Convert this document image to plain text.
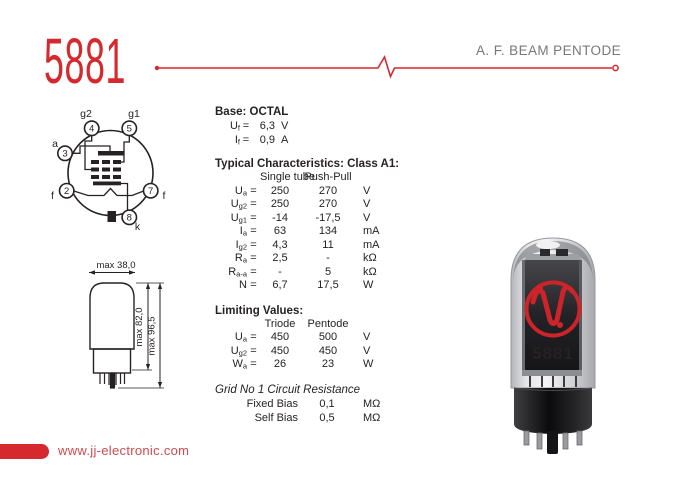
5881	A. F. BEAM PENTODE
4	5
3
2	7
8
g2	g1
a
f	f
k
max 38,0
max 82,0 max 96,5
Base: OCTAL
$U_f = 6,3$ V
$I_f = 0,9$ A
Typical Characteristics: Class A1:
Single tube
Push-Pull
$U_a$ =	250	270	V
$U_{g2}$ =	250	270	V
$U_{g1}$ =	-14	-17,5	V
$I_a$ =	63	134	mA
$I_{g2}$ =	4,3	11	mA
$R_a$ =	2,5	-	kΩ
$R_{a-a}$ =	-	5	kΩ
N =	6,7	17,5	W
Limiting Values:
Triode	Pentode
$U_a$ =	450	500	V
$U_{g2}$ =	450	450	V
$W_a$ =	26	23	W
Grid No 1 Circuit Resistance
Fixed Bias	0,1	MΩ
Self Bias	0,5	MΩ
5881
www.jj-electronic.com
